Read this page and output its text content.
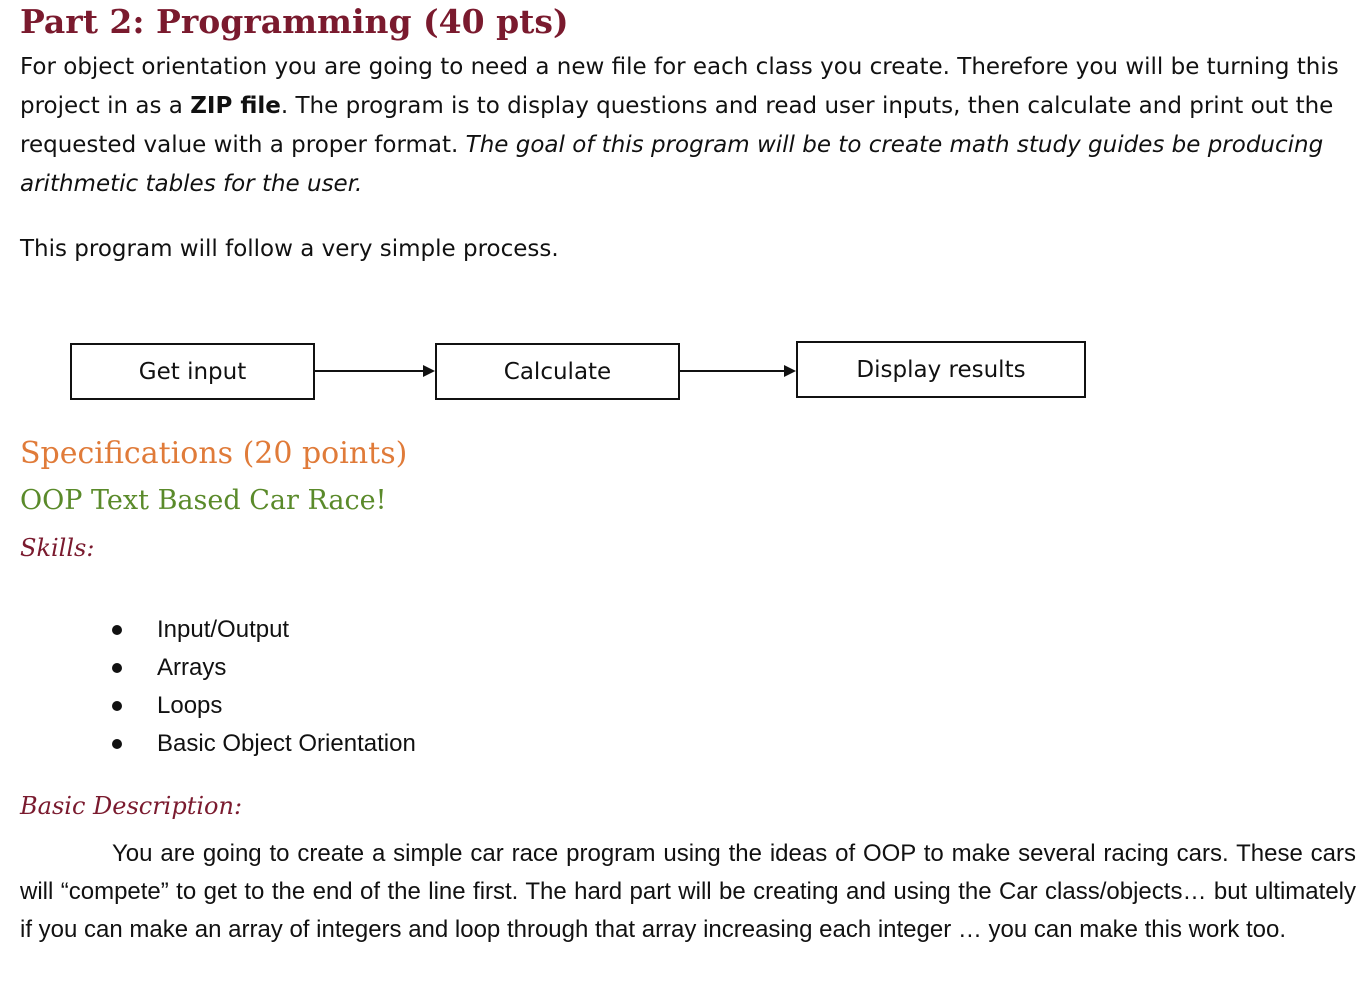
Part 2: Programming (40 pts)
For object orientation you are going to need a new file for each class you create. Therefore you will be turning this project in as a ZIP file. The program is to display questions and read user inputs, then calculate and print out the requested value with a proper format. The goal of this program will be to create math study guides be producing arithmetic tables for the user.
This program will follow a very simple process.
Get input	Calculate	Display results
Specifications (20 points)
OOP Text Based Car Race!
Skills:
Input/Output
Arrays
Loops
Basic Object Orientation
Basic Description:

You are going to create a simple car race program using the ideas of OOP to make several racing cars. These cars will “compete” to get to the end of the line first. The hard part will be creating and using the Car class/objects… but ultimately if you can make an array of integers and loop through that array increasing each integer … you can make this work too.
